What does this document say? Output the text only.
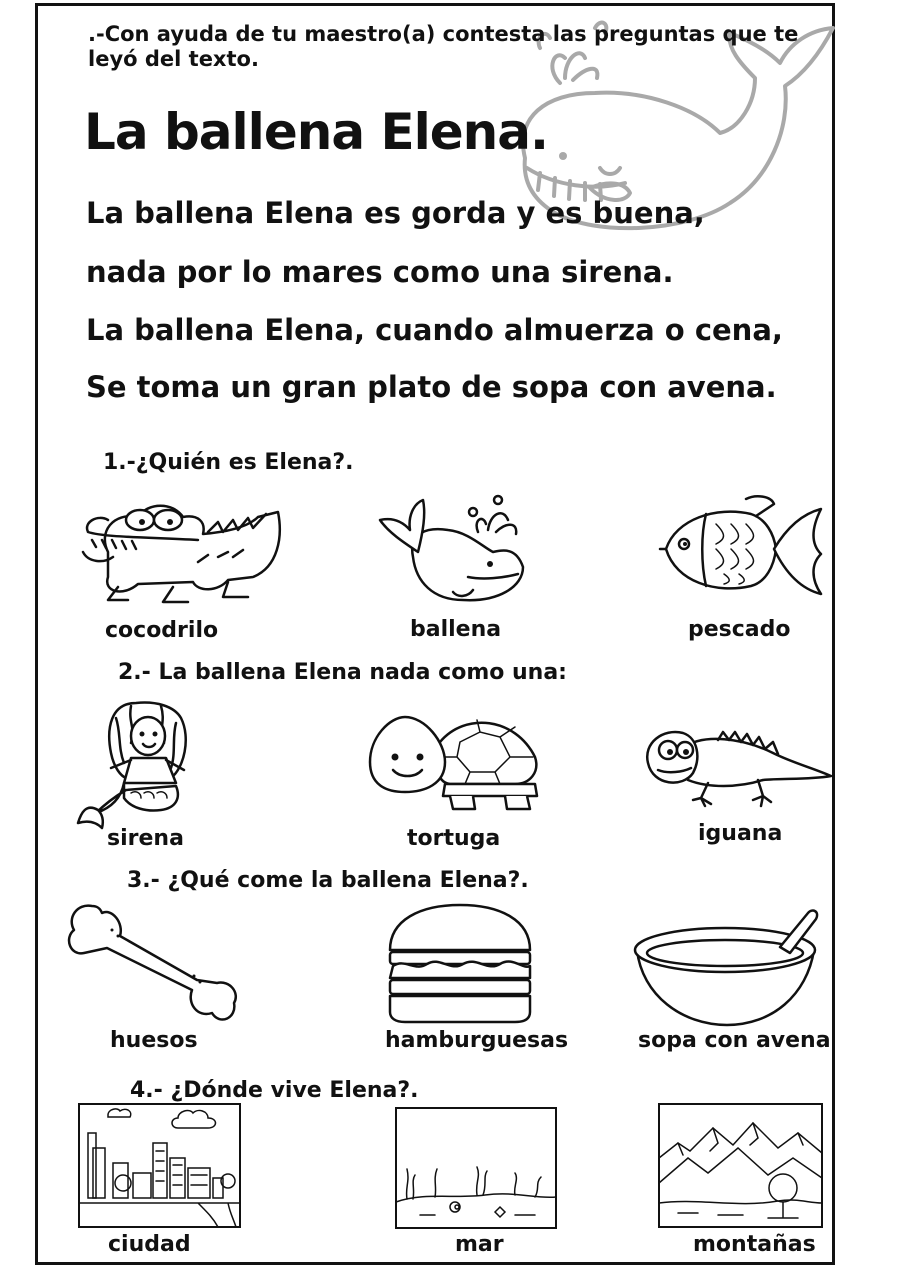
.-Con ayuda de tu maestro(a) contesta las preguntas que te leyó del texto.
La ballena Elena.
La ballena Elena es gorda y es buena,
nada por lo mares como una sirena.
La ballena Elena, cuando almuerza o cena,
Se toma un gran plato de sopa con avena.
1.-¿Quién es Elena?.
cocodrilo	ballena	pescado
2.- La ballena Elena nada como una:
sirena	tortuga	iguana
3.- ¿Qué come la ballena Elena?.
huesos	hamburguesas	sopa con avena
4.- ¿Dónde vive Elena?.
ciudad	mar	montañas
